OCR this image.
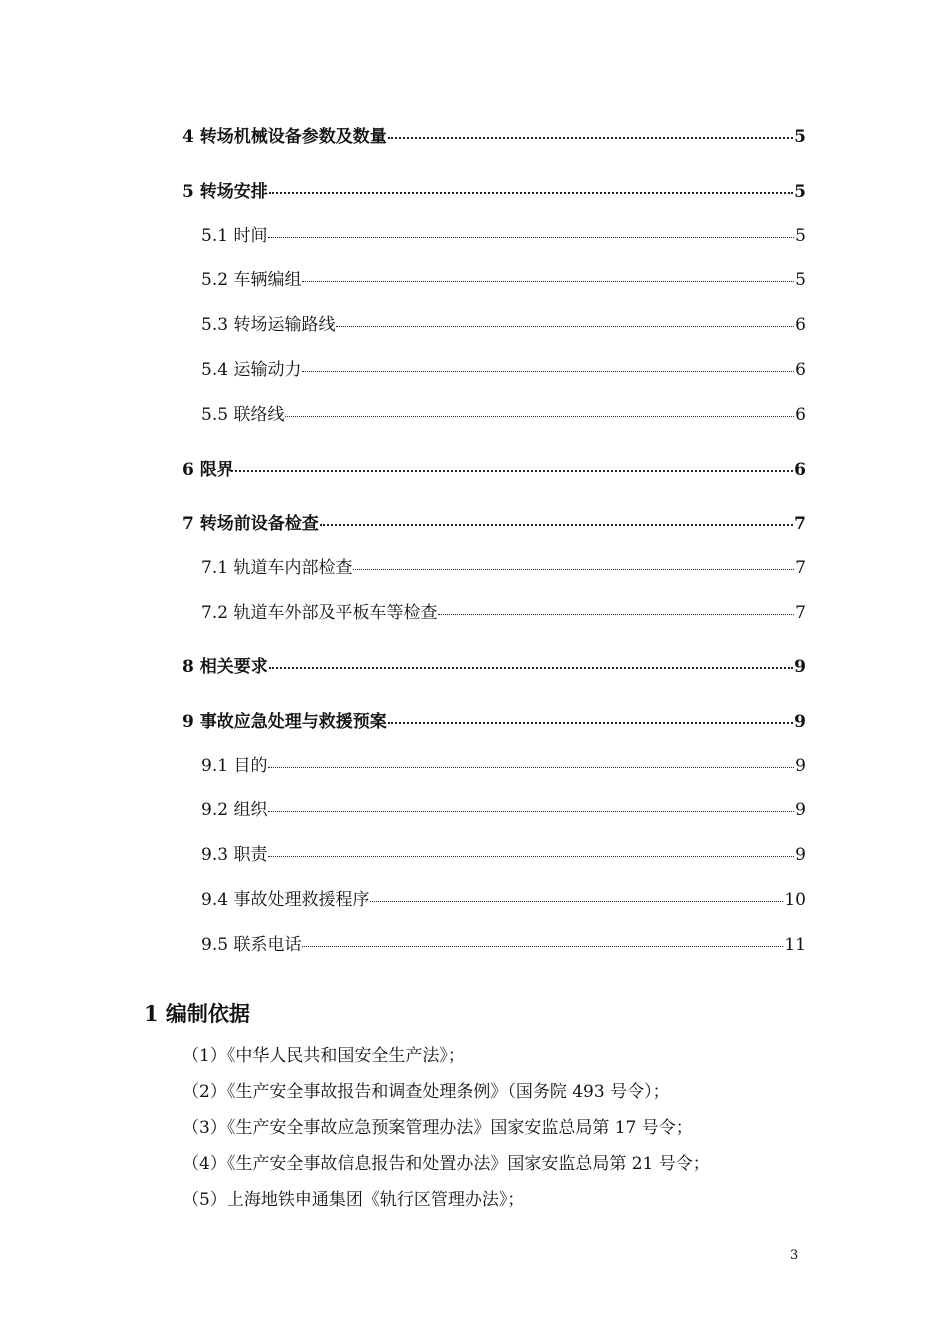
4 转场机械设备参数及数量	5
5 转场安排	5
5.1 时间	5
5.2 车辆编组	5
5.3 转场运输路线	6
5.4 运输动力	6
5.5 联络线	6
6 限界	6
7 转场前设备检查	7
7.1 轨道车内部检查	7
7.2 轨道车外部及平板车等检查	7
8 相关要求	9
9 事故应急处理与救援预案	9
9.1 目的	9
9.2 组织	9
9.3 职责	9
9.4 事故处理救援程序	10
9.5 联系电话	11
1 编制依据
（1）《中华人民共和国安全生产法》；
（2）《生产安全事故报告和调查处理条例》（国务院 493 号令）；
（3）《生产安全事故应急预案管理办法》国家安监总局第 17 号令；
（4）《生产安全事故信息报告和处置办法》国家安监总局第 21 号令；
（5）上海地铁申通集团《轨行区管理办法》；
3
